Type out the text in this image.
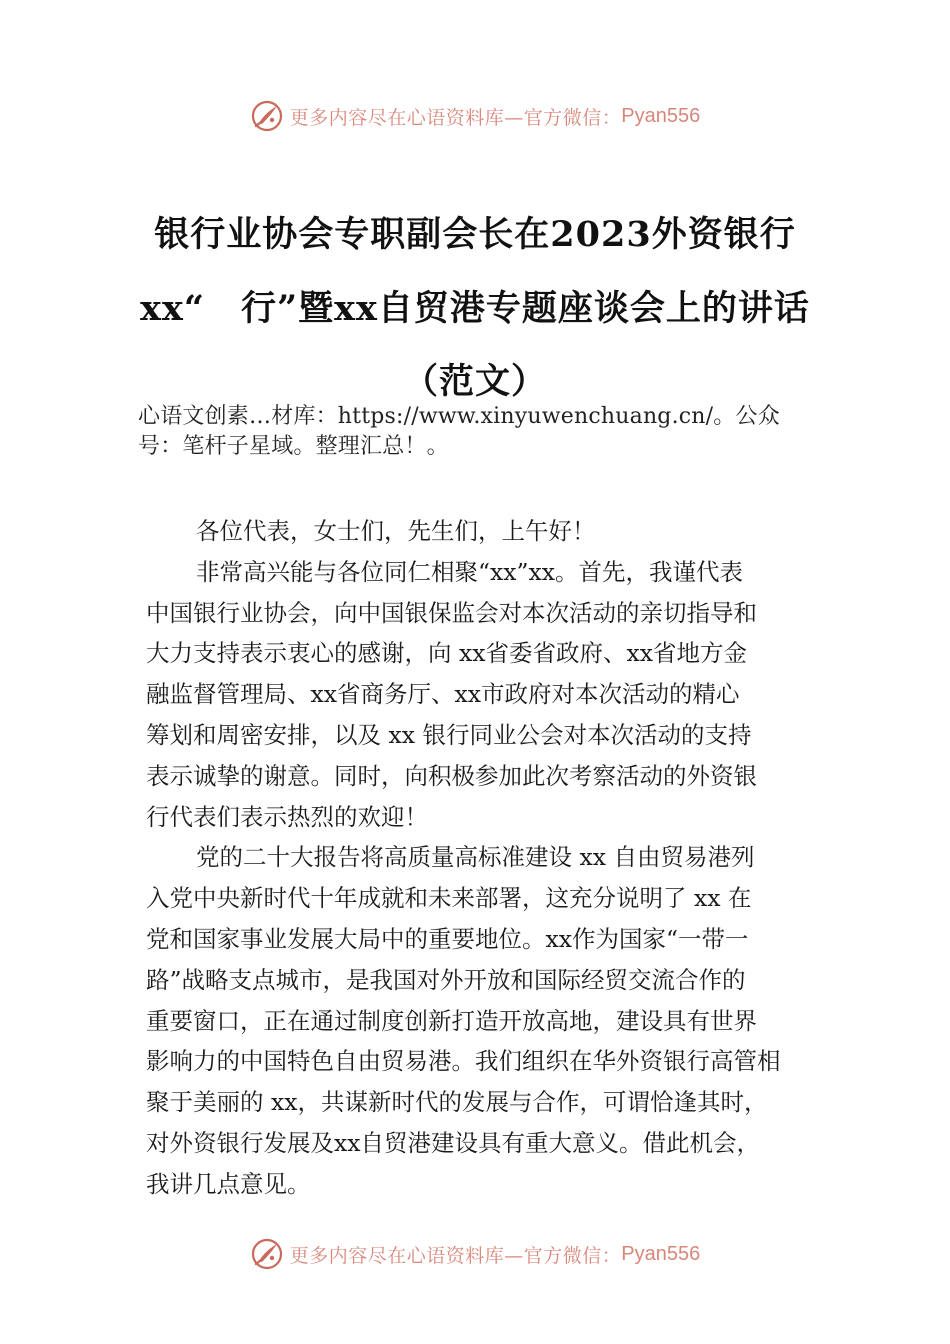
更多内容尽在心语资料库—官方微信： Pyan556
银行业协会专职副会长在2023外资银行
xx“　行”暨xx自贸港专题座谈会上的讲话
（范文）
心语文创素…材库：https://www.xinyuwenchuang.cn/。公众
号：笔杆子星域。整理汇总！。
各位代表，女士们，先生们，上午好！
非常高兴能与各位同仁相聚“xx”xx。首先，我谨代表
中国银行业协会，向中国银保监会对本次活动的亲切指导和
大力支持表示衷心的感谢，向 xx省委省政府、xx省地方金
融监督管理局、xx省商务厅、xx市政府对本次活动的精心
筹划和周密安排，以及 xx 银行同业公会对本次活动的支持
表示诚挚的谢意。同时，向积极参加此次考察活动的外资银
行代表们表示热烈的欢迎！
党的二十大报告将高质量高标准建设 xx 自由贸易港列
入党中央新时代十年成就和未来部署，这充分说明了 xx 在
党和国家事业发展大局中的重要地位。xx作为国家“一带一
路”战略支点城市，是我国对外开放和国际经贸交流合作的
重要窗口，正在通过制度创新打造开放高地，建设具有世界
影响力的中国特色自由贸易港。我们组织在华外资银行高管相
聚于美丽的 xx，共谋新时代的发展与合作，可谓恰逢其时，
对外资银行发展及xx自贸港建设具有重大意义。借此机会，
我讲几点意见。
更多内容尽在心语资料库—官方微信： Pyan556
